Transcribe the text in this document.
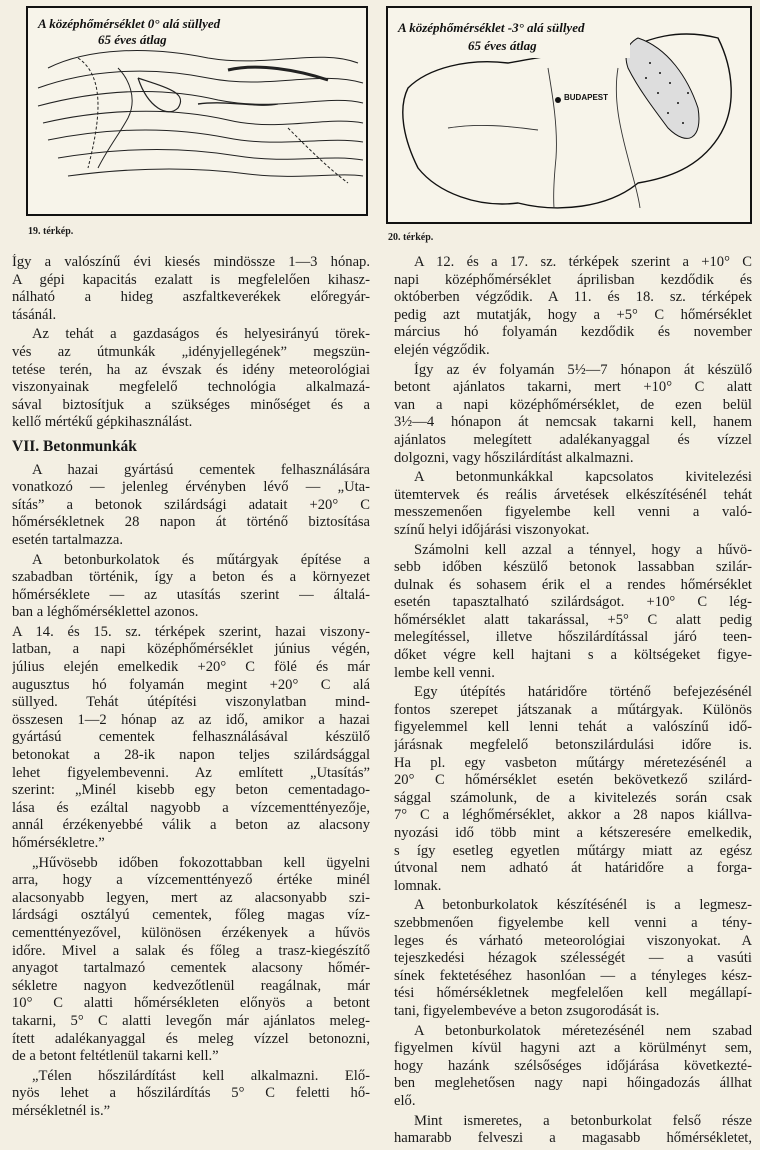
A középhőmérséklet 0° alá süllyed
65 éves átlag
19. térkép.
BUDAPEST
A középhőmérséklet -3° alá süllyed
65 éves átlag
20. térkép.
Így a valószínű évi kiesés mindössze 1—3 hónap.
A gépi kapacitás ezalatt is megfelelően kihasz-
nálható a hideg aszfaltkeverékek előregyár-
tásánál.
Az tehát a gazdaságos és helyesirányú törek-
vés az útmunkák „idényjellegének” megszün-
tetése terén, ha az évszak és idény meteorológiai
viszonyainak megfelelő technológia alkalmazá-
sával biztosítjuk a szükséges minőséget és a
kellő mértékű gépkihasználást.
VII. Betonmunkák
A hazai gyártású cementek felhasználására
vonatkozó — jelenleg érvényben lévő — „Uta-
sítás” a betonok szilárdsági adatait +20° C
hőmérsékletnek 28 napon át történő biztosítása
esetén tartalmazza.
A betonburkolatok és műtárgyak építése a
szabadban történik, így a beton és a környezet
hőmérséklete — az utasítás szerint — általá-
ban a léghőmérséklettel azonos.
A 14. és 15. sz. térképek szerint, hazai viszony-
latban, a napi középhőmérséklet június végén,
július elején emelkedik +20° C fölé és már
augusztus hó folyamán megint +20° C alá
süllyed. Tehát útépítési viszonylatban mind-
összesen 1—2 hónap az az idő, amikor a hazai
gyártású cementek felhasználásával készülő
betonokat a 28-ik napon teljes szilárdsággal
lehet figyelembevenni. Az említett „Utasítás”
szerint: „Minél kisebb egy beton cementadago-
lása és ezáltal nagyobb a vízcementtényezője,
annál érzékenyebbé válik a beton az alacsony
hőmérsékletre.”
„Hűvösebb időben fokozottabban kell ügyelni
arra, hogy a vízcementtényező értéke minél
alacsonyabb legyen, mert az alacsonyabb szi-
lárdsági osztályú cementek, főleg magas víz-
cementtényezővel, különösen érzékenyek a hűvös
időre. Mivel a salak és főleg a trasz-kiegészítő
anyagot tartalmazó cementek alacsony hőmér-
sékletre nagyon kedvezőtlenül reagálnak, már
10° C alatti hőmérsékleten előnyös a betont
takarni, 5° C alatti levegőn már ajánlatos meleg-
ített adalékanyaggal és meleg vízzel betonozni,
de a betont feltétlenül takarni kell.”
„Télen hőszilárdítást kell alkalmazni. Elő-
nyös lehet a hőszilárdítás 5° C feletti hő-
mérsékletnél is.”
A 12. és a 17. sz. térképek szerint a +10° C
napi középhőmérséklet áprilisban kezdődik és
októberben végződik. A 11. és 18. sz. térképek
pedig azt mutatják, hogy a +5° C hőmérséklet
március hó folyamán kezdődik és november
elején végződik.
Így az év folyamán 5½—7 hónapon át készülő
betont ajánlatos takarni, mert +10° C alatt
van a napi középhőmérséklet, de ezen belül
3½—4 hónapon át nemcsak takarni kell, hanem
ajánlatos melegített adalékanyaggal és vízzel
dolgozni, vagy hőszilárdítást alkalmazni.
A betonmunkákkal kapcsolatos kivitelezési
ütemtervek és reális árvetések elkészítésénél tehát
messzemenően figyelembe kell venni a való-
színű helyi időjárási viszonyokat.
Számolni kell azzal a ténnyel, hogy a hűvö-
sebb időben készülő betonok lassabban szilár-
dulnak és sohasem érik el a rendes hőmérséklet
esetén tapasztalható szilárdságot. +10° C lég-
hőmérséklet alatt takarással, +5° C alatt pedig
melegítéssel, illetve hőszilárdítással járó teen-
dőket végre kell hajtani s a költségeket figye-
lembe kell venni.
Egy útépítés határidőre történő befejezésénél
fontos szerepet játszanak a műtárgyak. Különös
figyelemmel kell lenni tehát a valószínű idő-
járásnak megfelelő betonszilárdulási időre is.
Ha pl. egy vasbeton műtárgy méretezésénél a
20° C hőmérséklet esetén bekövetkező szilárd-
sággal számolunk, de a kivitelezés során csak
7° C a léghőmérséklet, akkor a 28 napos kiállva-
nyozási idő több mint a kétszeresére emelkedik,
s így esetleg egyetlen műtárgy miatt az egész
útvonal nem adható át határidőre a forga-
lomnak.
A betonburkolatok készítésénél is a legmesz-
szebbmenően figyelembe kell venni a tény-
leges és várható meteorológiai viszonyokat. A
tejeszkedési hézagok szélességét — a vasúti
sínek fektetéséhez hasonlóan — a tényleges kész-
tési hőmérsékletnek megfelelően kell megállapí-
tani, figyelembevéve a beton zsugorodását is.
A betonburkolatok méretezésénél nem szabad
figyelmen kívül hagyni azt a körülményt sem,
hogy hazánk szélsőséges időjárása következté-
ben meglehetősen nagy napi hőingadozás állhat
elő.
Mint ismeretes, a betonburkolat felső része
hamarabb felveszi a magasabb hőmérsékletet,
